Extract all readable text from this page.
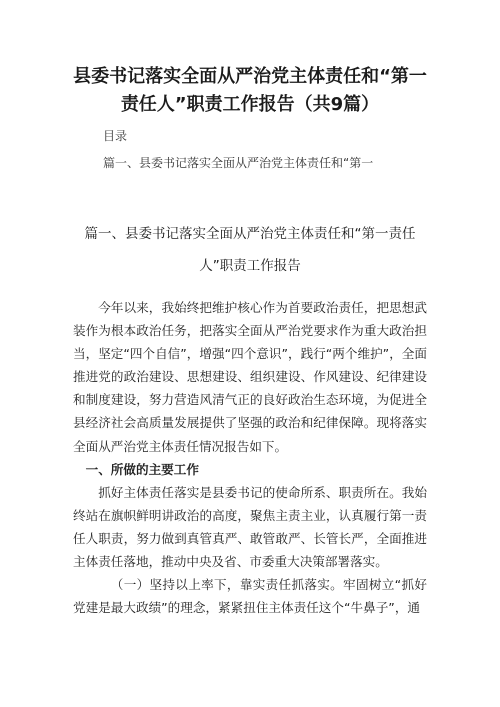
县委书记落实全面从严治党主体责任和“第一责任人”职责工作报告（共9篇）
目录
篇一、县委书记落实全面从严治党主体责任和“第一
篇一、县委书记落实全面从严治党主体责任和“第一责任人”职责工作报告

今年以来，我始终把维护核心作为首要政治责任，把思想武装作为根本政治任务，把落实全面从严治党要求作为重大政治担当，坚定“四个自信”，增强“四个意识”，践行“两个维护”，全面推进党的政治建设、思想建设、组织建设、作风建设、纪律建设和制度建设，努力营造风清气正的良好政治生态环境，为促进全县经济社会高质量发展提供了坚强的政治和纪律保障。现将落实全面从严治党主体责任情况报告如下。

一、所做的主要工作

抓好主体责任落实是县委书记的使命所系、职责所在。我始终站在旗帜鲜明讲政治的高度，聚焦主责主业，认真履行第一责任人职责，努力做到真管真严、敢管敢严、长管长严，全面推进主体责任落地，推动中央及省、市委重大决策部署落实。

（一）坚持以上率下，靠实责任抓落实。牢固树立“抓好党建是最大政绩”的理念，紧紧扭住主体责任这个“牛鼻子”，通
